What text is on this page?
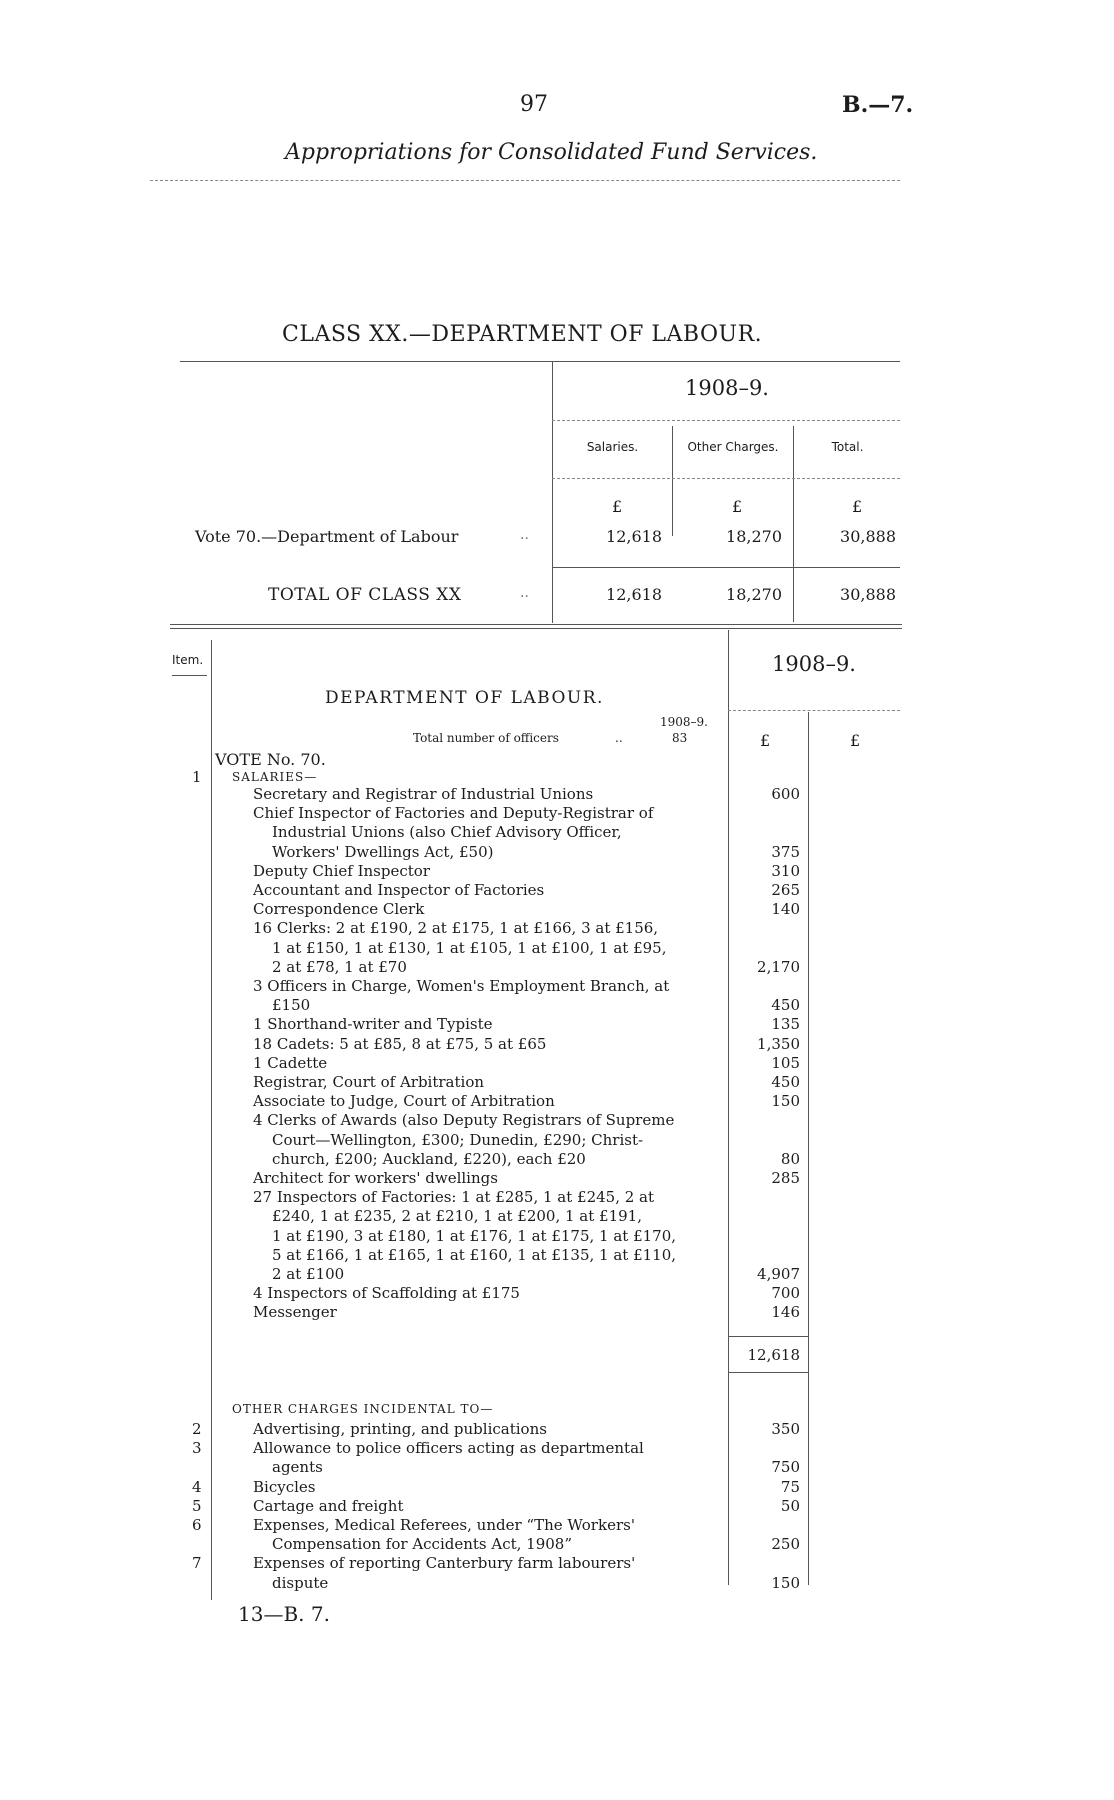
97	B.—7.
Appropriations for Consolidated Fund Services.
CLASS XX.—DEPARTMENT OF LABOUR.
1908–9.
Salaries.	Other Charges.	Total.
£	£	£
Vote 70.—Department of Labour	..	12,618	18,270	30,888
TOTAL OF CLASS XX	..	12,618	18,270	30,888
Item.	1908–9.
DEPARTMENT OF LABOUR.
1908–9.
Total number of officers	..	83	£	£
VOTE No. 70.
1	SALARIES—
Secretary and Registrar of Industrial Unions	600
Chief Inspector of Factories and Deputy-Registrar of
Industrial Unions (also Chief Advisory Officer,
Workers' Dwellings Act, £50)	375
Deputy Chief Inspector	310
Accountant and Inspector of Factories	265
Correspondence Clerk	140
16 Clerks: 2 at £190, 2 at £175, 1 at £166, 3 at £156,
1 at £150, 1 at £130, 1 at £105, 1 at £100, 1 at £95,
2 at £78, 1 at £70	2,170
3 Officers in Charge, Women's Employment Branch, at
£150	450
1 Shorthand-writer and Typiste	135
18 Cadets: 5 at £85, 8 at £75, 5 at £65	1,350
1 Cadette	105
Registrar, Court of Arbitration	450
Associate to Judge, Court of Arbitration	150
4 Clerks of Awards (also Deputy Registrars of Supreme
Court—Wellington, £300; Dunedin, £290; Christ-
church, £200; Auckland, £220), each £20	80
Architect for workers' dwellings	285
27 Inspectors of Factories: 1 at £285, 1 at £245, 2 at
£240, 1 at £235, 2 at £210, 1 at £200, 1 at £191,
1 at £190, 3 at £180, 1 at £176, 1 at £175, 1 at £170,
5 at £166, 1 at £165, 1 at £160, 1 at £135, 1 at £110,
2 at £100	4,907
4 Inspectors of Scaffolding at £175	700
Messenger	146
12,618
OTHER CHARGES INCIDENTAL TO—
2	Advertising, printing, and publications	350
3	Allowance to police officers acting as departmental
agents	750
4	Bicycles	75
5	Cartage and freight	50
6	Expenses, Medical Referees, under “The Workers'
Compensation for Accidents Act, 1908”	250
7	Expenses of reporting Canterbury farm labourers'
dispute	150
13—B. 7.
